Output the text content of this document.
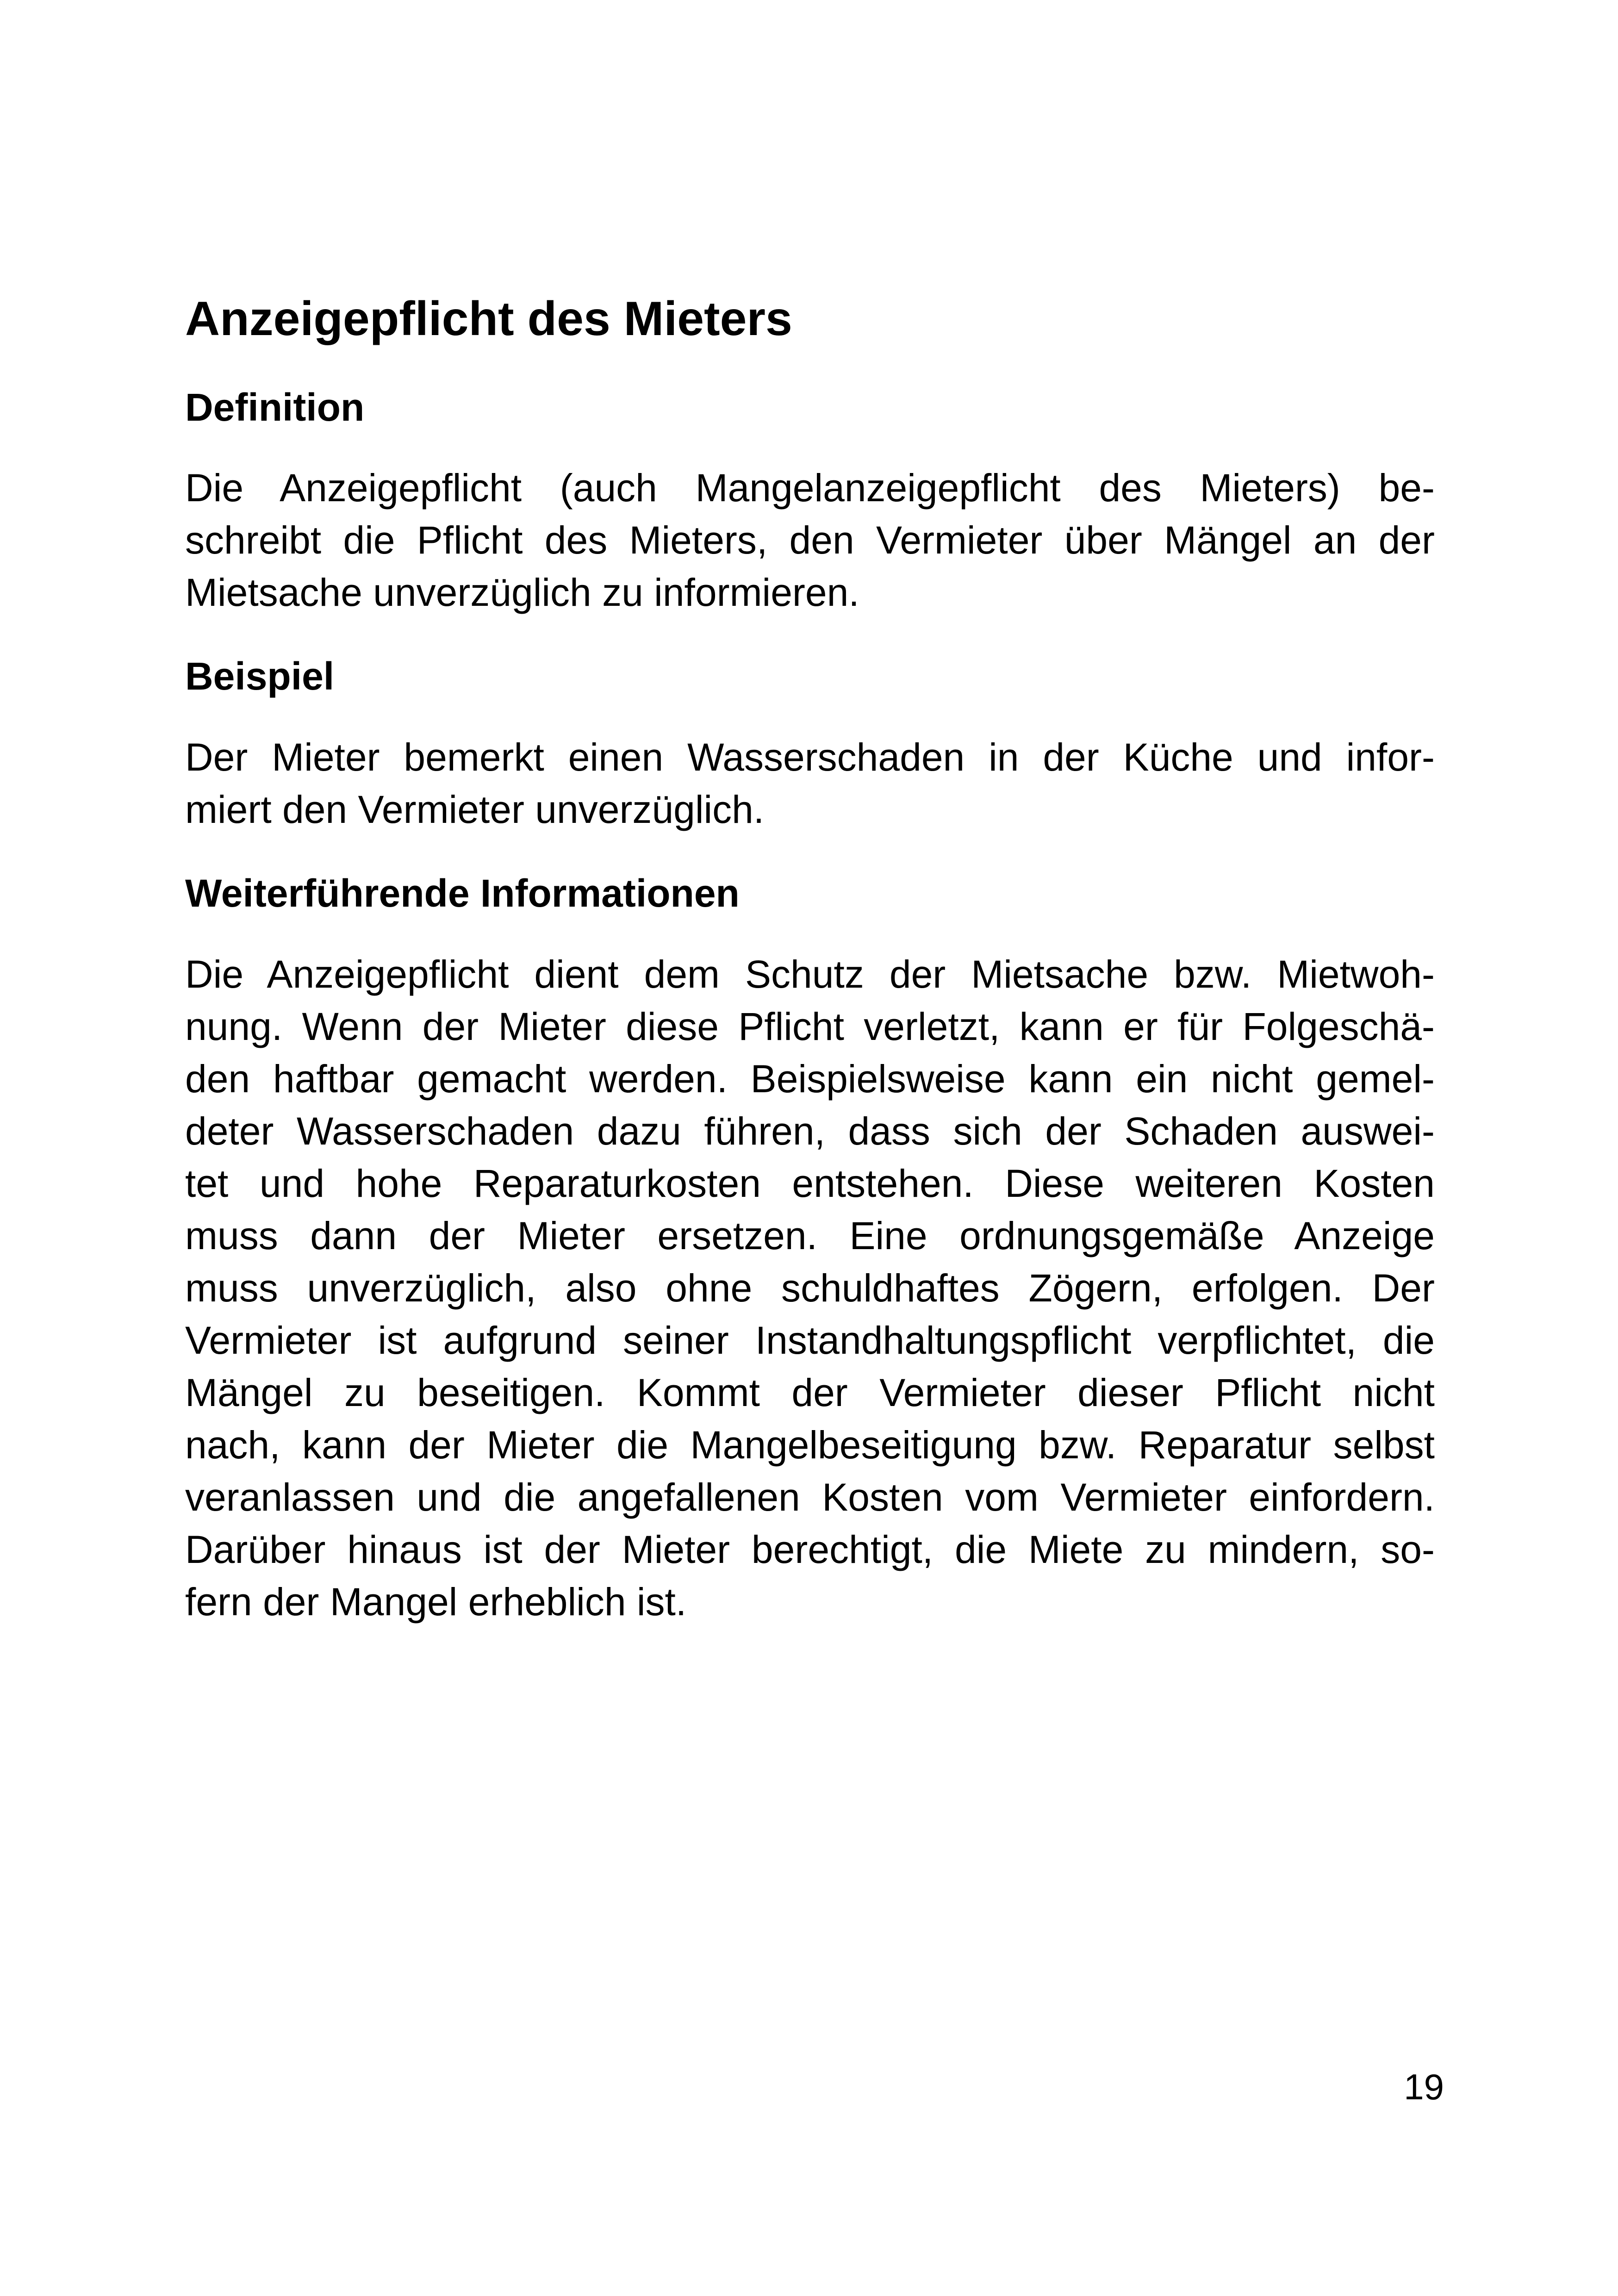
Anzeigepflicht des Mieters
Definition
Die Anzeigepflicht (auch Mangelanzeigepflicht des Mieters) be-
schreibt die Pflicht des Mieters, den Vermieter über Mängel an der
Mietsache unverzüglich zu informieren.
Beispiel
Der Mieter bemerkt einen Wasserschaden in der Küche und infor-
miert den Vermieter unverzüglich.
Weiterführende Informationen
Die Anzeigepflicht dient dem Schutz der Mietsache bzw. Mietwoh-
nung. Wenn der Mieter diese Pflicht verletzt, kann er für Folgeschä-
den haftbar gemacht werden. Beispielsweise kann ein nicht gemel-
deter Wasserschaden dazu führen, dass sich der Schaden auswei-
tet und hohe Reparaturkosten entstehen. Diese weiteren Kosten
muss dann der Mieter ersetzen. Eine ordnungsgemäße Anzeige
muss unverzüglich, also ohne schuldhaftes Zögern, erfolgen. Der
Vermieter ist aufgrund seiner Instandhaltungspflicht verpflichtet, die
Mängel zu beseitigen. Kommt der Vermieter dieser Pflicht nicht
nach, kann der Mieter die Mangelbeseitigung bzw. Reparatur selbst
veranlassen und die angefallenen Kosten vom Vermieter einfordern.
Darüber hinaus ist der Mieter berechtigt, die Miete zu mindern, so-
fern der Mangel erheblich ist.
19
